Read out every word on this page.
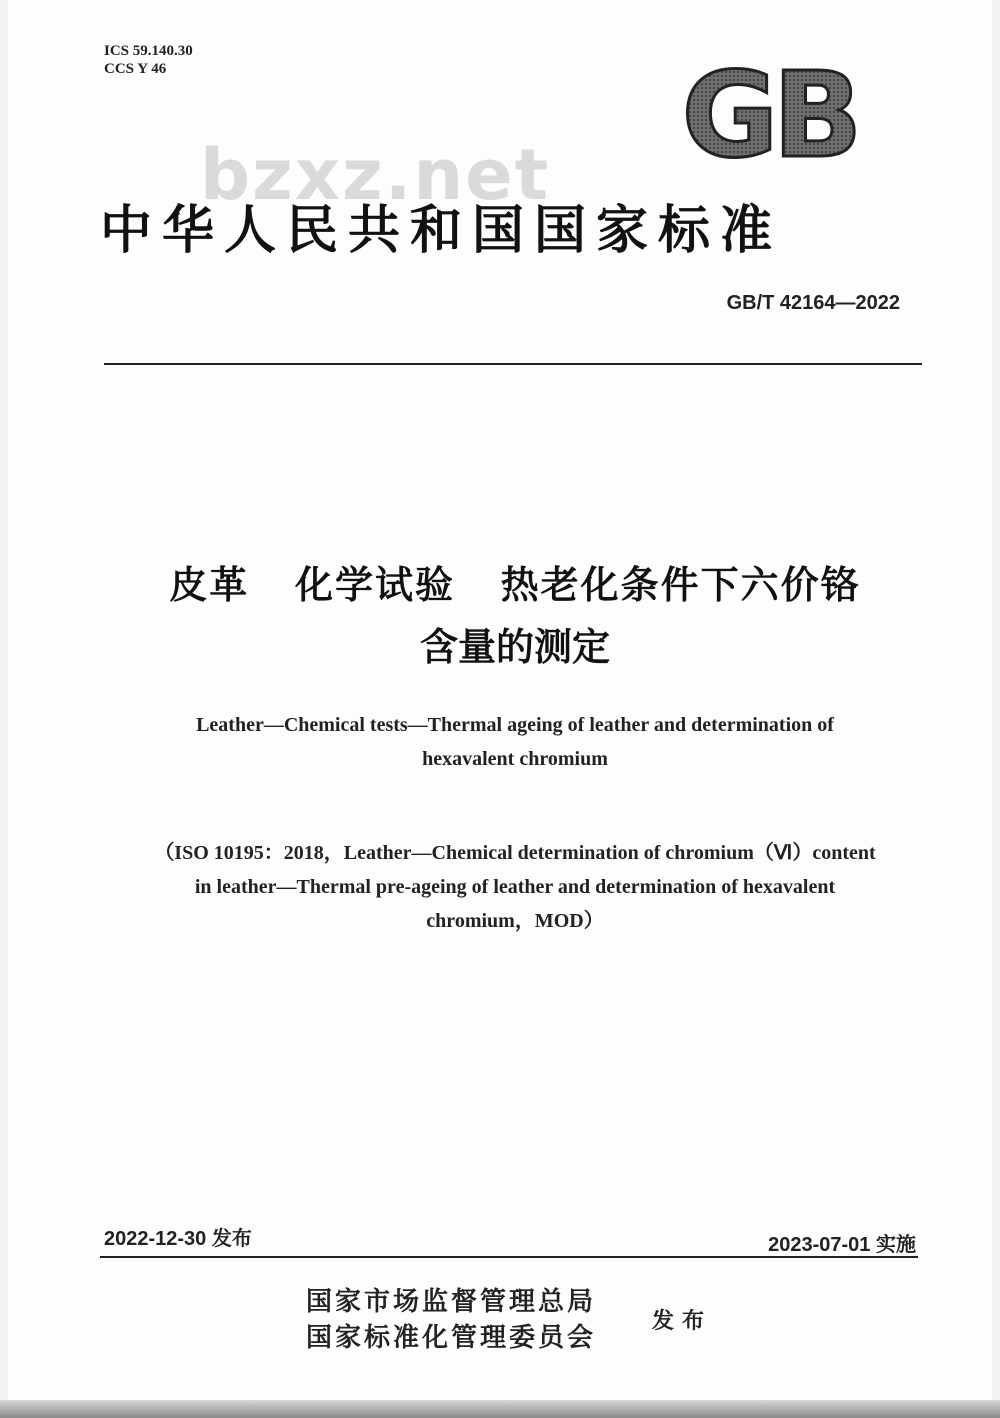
ICS 59.140.30
CCS Y 46	GB
bzxz.net
中华人民共和国国家标准
GB/T 42164—2022
皮革   化学试验   热老化条件下六价铬
含量的测定
Leather—Chemical tests—Thermal ageing of leather and determination of
hexavalent chromium
（ISO 10195：2018，Leather—Chemical determination of chromium（Ⅵ）content
in leather—Thermal pre-ageing of leather and determination of hexavalent
chromium，MOD）
2022-12-30 发布	2023-07-01 实施
国家市场监督管理总局
国家标准化管理委员会
发布
